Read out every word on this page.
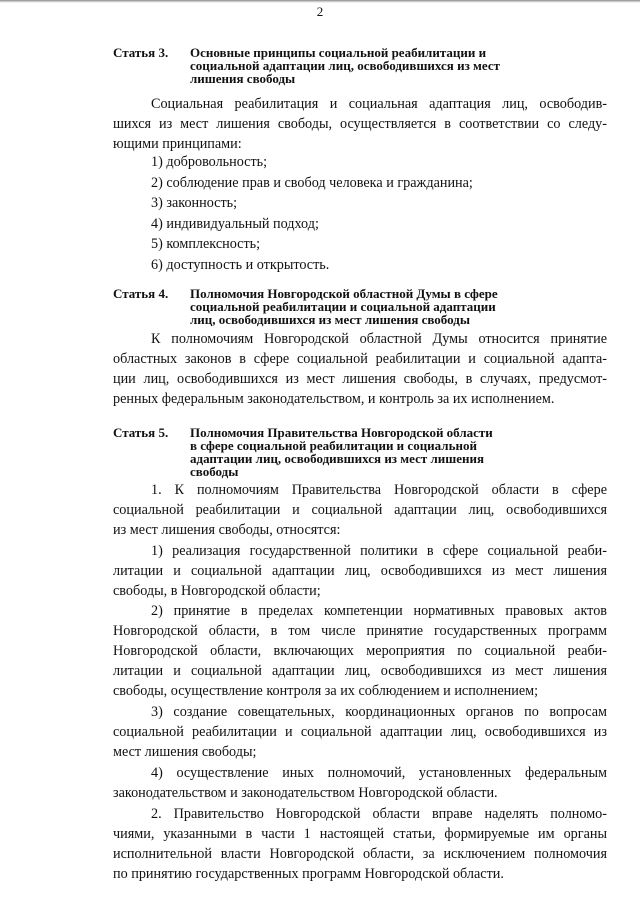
2
Статья 3.	Основные принципы социальной реабилитации и
социальной адаптации лиц, освободившихся из мест
лишения свободы
Социальная реабилитация и социальная адаптация лиц, освободив-
шихся из мест лишения свободы, осуществляется в соответствии со следу-
ющими принципами:
1) добровольность;
2) соблюдение прав и свобод человека и гражданина;
3) законность;
4) индивидуальный подход;
5) комплексность;
6) доступность и открытость.
Статья 4.	Полномочия Новгородской областной Думы в сфере
социальной реабилитации и социальной адаптации
лиц, освободившихся из мест лишения свободы
К полномочиям Новгородской областной Думы относится принятие
областных законов в сфере социальной реабилитации и социальной адапта-
ции лиц, освободившихся из мест лишения свободы, в случаях, предусмот-
ренных федеральным законодательством, и контроль за их исполнением.
Статья 5.	Полномочия Правительства Новгородской области
в сфере социальной реабилитации и социальной
адаптации лиц, освободившихся из мест лишения
свободы
1. К полномочиям Правительства Новгородской области в сфере
социальной реабилитации и социальной адаптации лиц, освободившихся
из мест лишения свободы, относятся:
1) реализация государственной политики в сфере социальной реаби-
литации и социальной адаптации лиц, освободившихся из мест лишения
свободы, в Новгородской области;
2) принятие в пределах компетенции нормативных правовых актов
Новгородской области, в том числе принятие государственных программ
Новгородской области, включающих мероприятия по социальной реаби-
литации и социальной адаптации лиц, освободившихся из мест лишения
свободы, осуществление контроля за их соблюдением и исполнением;
3) создание совещательных, координационных органов по вопросам
социальной реабилитации и социальной адаптации лиц, освободившихся из
мест лишения свободы;
4) осуществление иных полномочий, установленных федеральным
законодательством и законодательством Новгородской области.
2. Правительство Новгородской области вправе наделять полномо-
чиями, указанными в части 1 настоящей статьи, формируемые им органы
исполнительной власти Новгородской области, за исключением полномочия
по принятию государственных программ Новгородской области.
